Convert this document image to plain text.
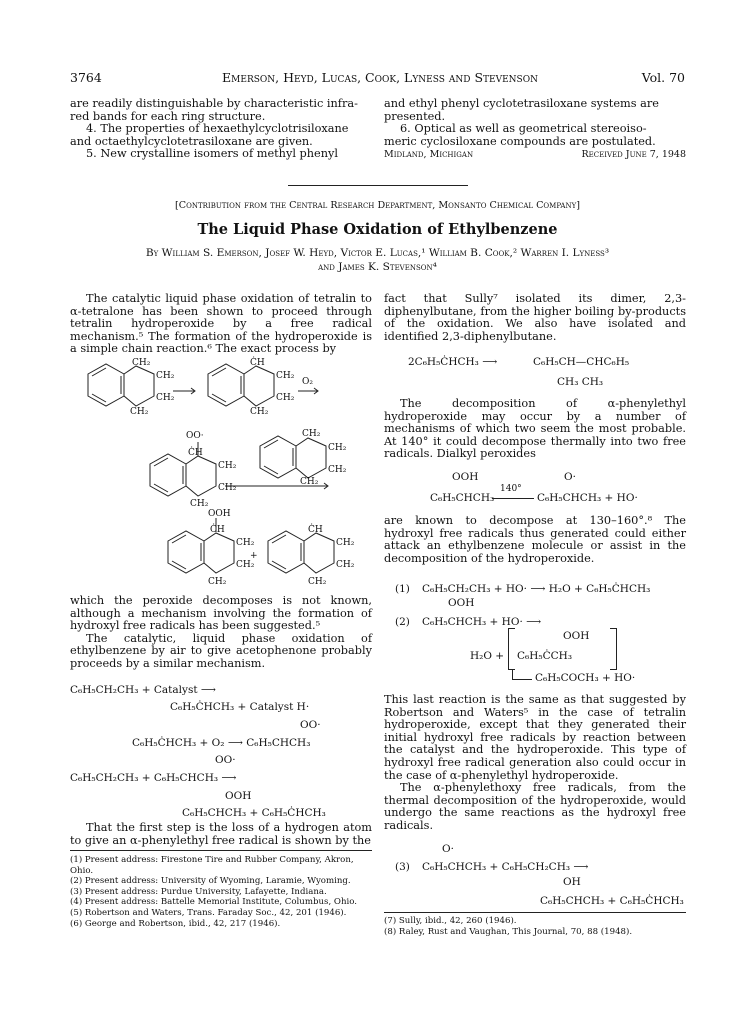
3764	Emerson, Heyd, Lucas, Cook, Lyness and Stevenson	Vol. 70

are readily distinguishable by characteristic infra-

red bands for each ring structure.

4. The properties of hexaethylcyclotrisiloxane

and octaethylcyclotetrasiloxane are given.

5. New crystalline isomers of methyl phenyl

and ethyl phenyl cyclotetrasiloxane systems are

presented.

6. Optical as well as geometrical stereoiso-

meric cyclosiloxane compounds are postulated.

Midland, Michigan	Received June 7, 1948
[Contribution from the Central Research Department, Monsanto Chemical Company]
The Liquid Phase Oxidation of Ethylbenzene
By William S. Emerson, Josef W. Heyd, Victor E. Lucas,¹ William B. Cook,² Warren I. Lyness³
and James K. Stevenson⁴
The catalytic liquid phase oxidation of tetralin to α-tetralone has been shown to proceed through tetralin hydroperoxide by a free radical mechanism.⁵ The formation of the hydroperoxide is a simple chain reaction.⁶ The exact process by
CH₂
CH₂
CH₂
CH₂
ĊH
CH₂
CH₂
CH₂
O₂
CH₂
CH₂
CH₂
CH₂
OO·
ĊH
CH₂
CH₂
CH₂
OOH
ĊH
CH₂
CH₂
CH₂
+
ĊH
CH₂
CH₂
CH₂

which the peroxide decomposes is not known, although a mechanism involving the formation of hydroxyl free radicals has been suggested.⁵

The catalytic, liquid phase oxidation of ethylbenzene by air to give acetophenone probably proceeds by a similar mechanism.

C₆H₅CH₂CH₃ + Catalyst ⟶
C₆H₅ĊHCH₃ + Catalyst H·
OO·
C₆H₅ĊHCH₃ + O₂ ⟶ C₆H₅CHCH₃
OO·
C₆H₅CH₂CH₃ + C₆H₅CHCH₃ ⟶
OOH
C₆H₅CHCH₃ + C₆H₅ĊHCH₃
That the first step is the loss of a hydrogen atom to give an α-phenylethyl free radical is shown by the

(1) Present address: Firestone Tire and Rubber Company, Akron, Ohio.

(2) Present address: University of Wyoming, Laramie, Wyoming.

(3) Present address: Purdue University, Lafayette, Indiana.

(4) Present address: Battelle Memorial Institute, Columbus, Ohio.

(5) Robertson and Waters, Trans. Faraday Soc., 42, 201 (1946).

(6) George and Robertson, ibid., 42, 217 (1946).

fact that Sully⁷ isolated its dimer, 2,3-diphenylbutane, from the higher boiling by-products of the oxidation. We also have isolated and identified 2,3-diphenylbutane.
2C₆H₅ĊHCH₃ ⟶	C₆H₅CH—CHC₆H₅
CH₃ CH₃
The decomposition of α-phenylethyl hydroperoxide may occur by a number of mechanisms of which two seem the most probable. At 140° it could decompose thermally into two free radicals. Dialkyl peroxides
OOH	O·
C₆H₅CHCH₃
140°
C₆H₅CHCH₃ + HO·
are known to decompose at 130–160°.⁸ The hydroxyl free radicals thus generated could either attack an ethylbenzene molecule or assist in the decomposition of the hydroperoxide.
(1) C₆H₅CH₂CH₃ + HO· ⟶ H₂O + C₆H₅ĊHCH₃
OOH
(2) C₆H₅CHCH₃ + HO· ⟶
OOH
C₆H₅ĊCH₃
H₂O +
C₆H₅COCH₃ + HO·

This last reaction is the same as that suggested by Robertson and Waters⁵ in the case of tetralin hydroperoxide, except that they generated their initial hydroxyl free radicals by reaction between the catalyst and the hydroperoxide. This type of hydroxyl free radical generation also could occur in the case of α-phenylethyl hydroperoxide.

The α-phenylethoxy free radicals, from the thermal decomposition of the hydroperoxide, would undergo the same reactions as the hydroxyl free radicals.

O·
(3) C₆H₅CHCH₃ + C₆H₅CH₂CH₃ ⟶
OH
C₆H₅CHCH₃ + C₆H₅ĊHCH₃

(7) Sully, ibid., 42, 260 (1946).

(8) Raley, Rust and Vaughan, This Journal, 70, 88 (1948).
